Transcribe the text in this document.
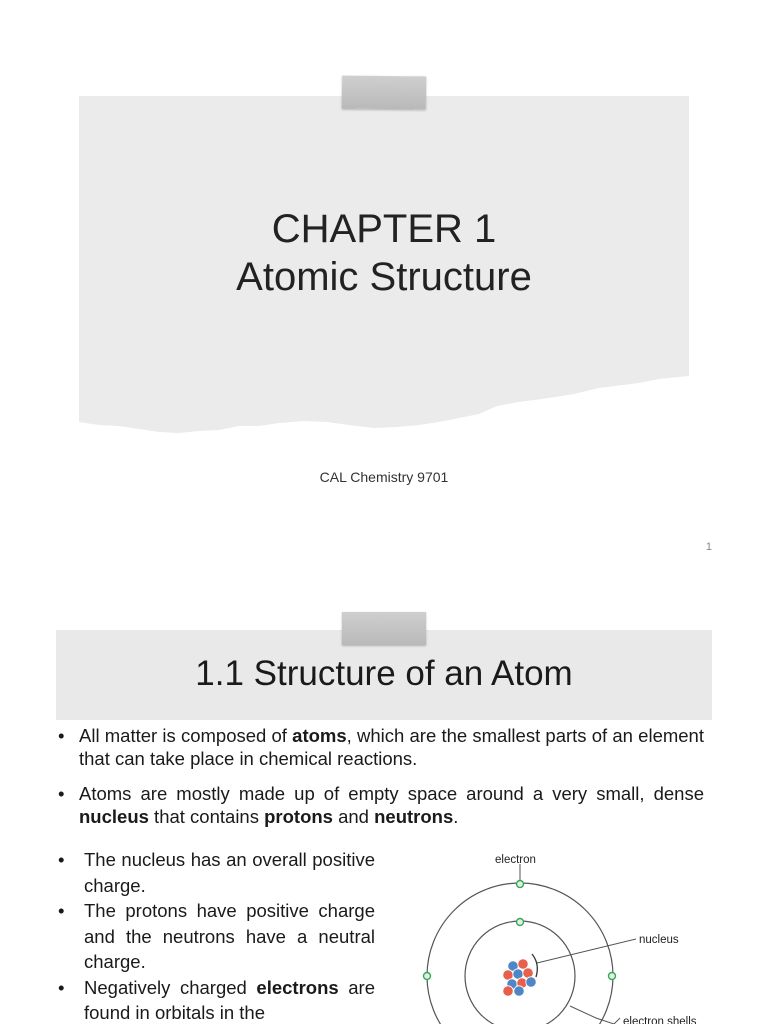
CHAPTER 1
Atomic Structure
CAL Chemistry 9701
1
1.1 Structure of an Atom
• All matter is composed of atoms, which are the smallest parts of an element that can take place in chemical reactions.
• Atoms are mostly made up of empty space around a very small, dense nucleus that contains protons and neutrons.
• The nucleus has an overall positive charge.
• The protons have positive charge and the neutrons have a neutral charge.
• Negatively charged electrons are found in orbitals in the
electron
nucleus
electron shells
